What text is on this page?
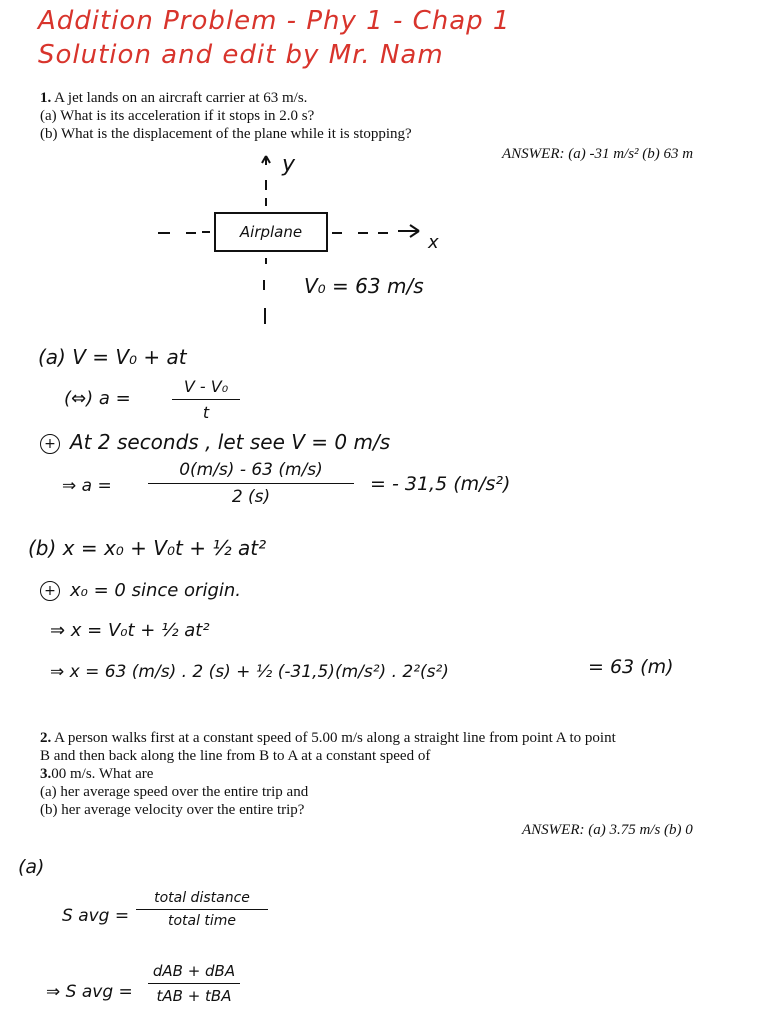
Addition Problem - Phy 1 - Chap 1
Solution and edit by Mr. Nam

1. A jet lands on an aircraft carrier at 63 m/s.

(a) What is its acceleration if it stops in 2.0 s?

(b) What is the displacement of the plane while it is stopping?

ANSWER: (a) -31 m/s² (b) 63 m
y
x
Airplane
V₀ = 63 m/s
(a) V = V₀ + at
(⇔) a =
V - V₀
t
+ At 2 seconds , let see V = 0 m/s
⇒ a =
0(m/s) - 63 (m/s)
2 (s)
= - 31,5 (m/s²)
(b) x = x₀ + V₀t + ½ at²
+ x₀ = 0 since origin.
⇒ x = V₀t + ½ at²
⇒ x = 63 (m/s) . 2 (s) + ½ (-31,5)(m/s²) . 2²(s²)	= 63 (m)

2. A person walks first at a constant speed of 5.00 m/s along a straight line from point A to point

B and then back along the line from B to A at a constant speed of

3.00 m/s. What are

(a) her average speed over the entire trip and

(b) her average velocity over the entire trip?

ANSWER: (a) 3.75 m/s (b) 0
(a)
S avg =
total distance
total time
⇒ S avg =
dAB + dBA
tAB + tBA
